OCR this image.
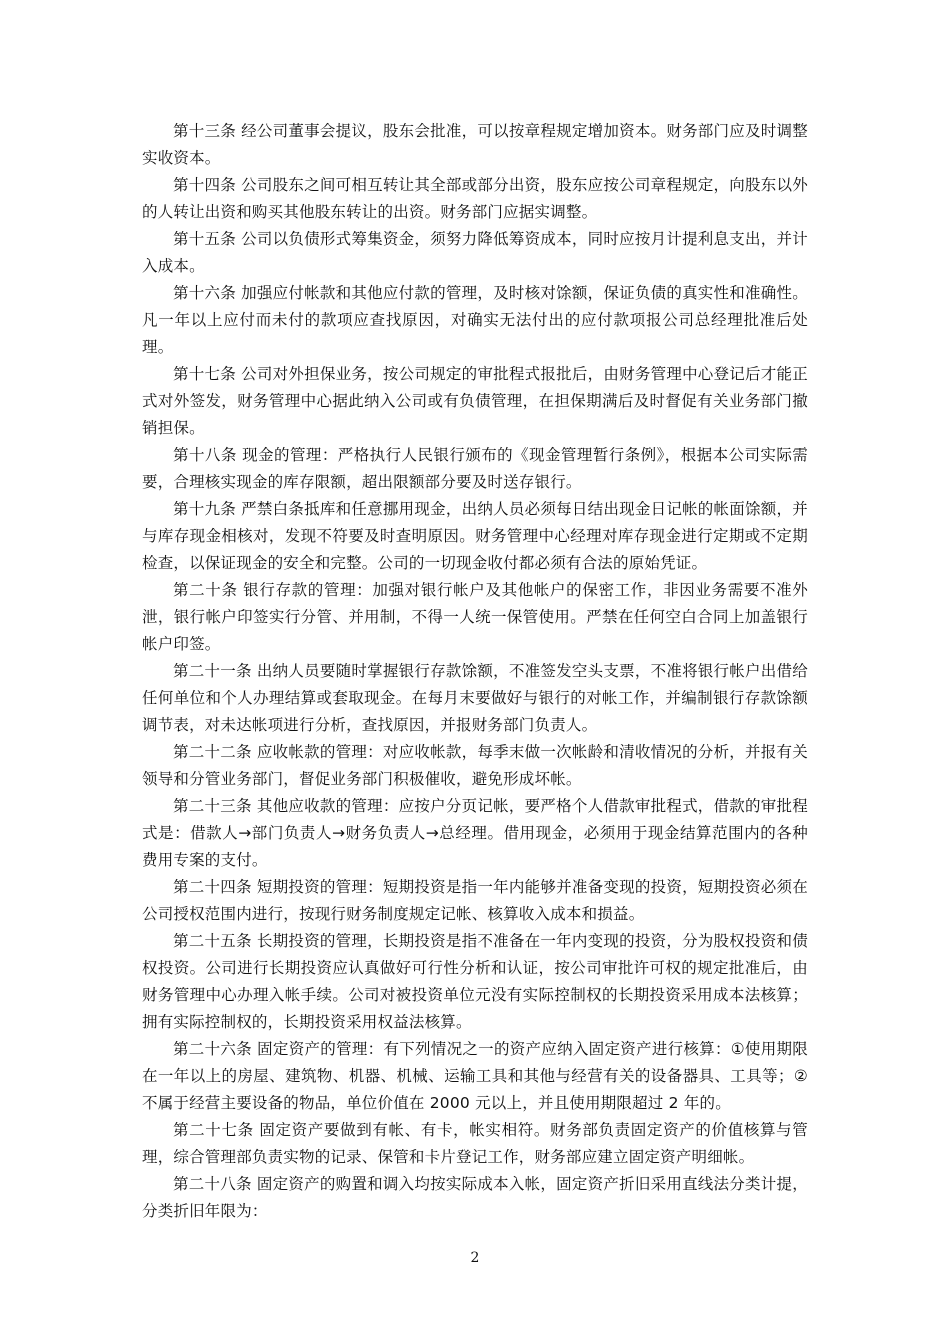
第十三条 经公司董事会提议，股东会批准，可以按章程规定增加资本。财务部门应及时调整实收资本。

第十四条 公司股东之间可相互转让其全部或部分出资，股东应按公司章程规定，向股东以外的人转让出资和购买其他股东转让的出资。财务部门应据实调整。

第十五条 公司以负债形式筹集资金，须努力降低筹资成本，同时应按月计提利息支出，并计入成本。

第十六条 加强应付帐款和其他应付款的管理，及时核对馀额，保证负债的真实性和准确性。凡一年以上应付而未付的款项应查找原因，对确实无法付出的应付款项报公司总经理批准后处理。

第十七条 公司对外担保业务，按公司规定的审批程式报批后，由财务管理中心登记后才能正式对外签发，财务管理中心据此纳入公司或有负债管理，在担保期满后及时督促有关业务部门撤销担保。

第十八条 现金的管理：严格执行人民银行颁布的《现金管理暂行条例》，根据本公司实际需要，合理核实现金的库存限额，超出限额部分要及时送存银行。

第十九条 严禁白条抵库和任意挪用现金，出纳人员必须每日结出现金日记帐的帐面馀额，并与库存现金相核对，发现不符要及时查明原因。财务管理中心经理对库存现金进行定期或不定期检查，以保证现金的安全和完整。公司的一切现金收付都必须有合法的原始凭证。

第二十条 银行存款的管理：加强对银行帐户及其他帐户的保密工作，非因业务需要不准外泄，银行帐户印签实行分管、并用制，不得一人统一保管使用。严禁在任何空白合同上加盖银行帐户印签。

第二十一条 出纳人员要随时掌握银行存款馀额，不准签发空头支票，不准将银行帐户出借给任何单位和个人办理结算或套取现金。在每月末要做好与银行的对帐工作，并编制银行存款馀额调节表，对未达帐项进行分析，查找原因，并报财务部门负责人。

第二十二条 应收帐款的管理：对应收帐款，每季末做一次帐龄和清收情况的分析，并报有关领导和分管业务部门，督促业务部门积极催收，避免形成坏帐。

第二十三条 其他应收款的管理：应按户分页记帐，要严格个人借款审批程式，借款的审批程式是：借款人→部门负责人→财务负责人→总经理。借用现金，必须用于现金结算范围内的各种费用专案的支付。

第二十四条 短期投资的管理：短期投资是指一年内能够并准备变现的投资，短期投资必须在公司授权范围内进行，按现行财务制度规定记帐、核算收入成本和损益。

第二十五条 长期投资的管理，长期投资是指不准备在一年内变现的投资，分为股权投资和债权投资。公司进行长期投资应认真做好可行性分析和认证，按公司审批许可权的规定批准后，由财务管理中心办理入帐手续。公司对被投资单位元没有实际控制权的长期投资采用成本法核算；拥有实际控制权的，长期投资采用权益法核算。

第二十六条 固定资产的管理：有下列情况之一的资产应纳入固定资产进行核算：①使用期限在一年以上的房屋、建筑物、机器、机械、运输工具和其他与经营有关的设备器具、工具等；②不属于经营主要设备的物品，单位价值在 2000 元以上，并且使用期限超过 2 年的。

第二十七条 固定资产要做到有帐、有卡，帐实相符。财务部负责固定资产的价值核算与管理，综合管理部负责实物的记录、保管和卡片登记工作，财务部应建立固定资产明细帐。

第二十八条 固定资产的购置和调入均按实际成本入帐，固定资产折旧采用直线法分类计提，分类折旧年限为：

2
